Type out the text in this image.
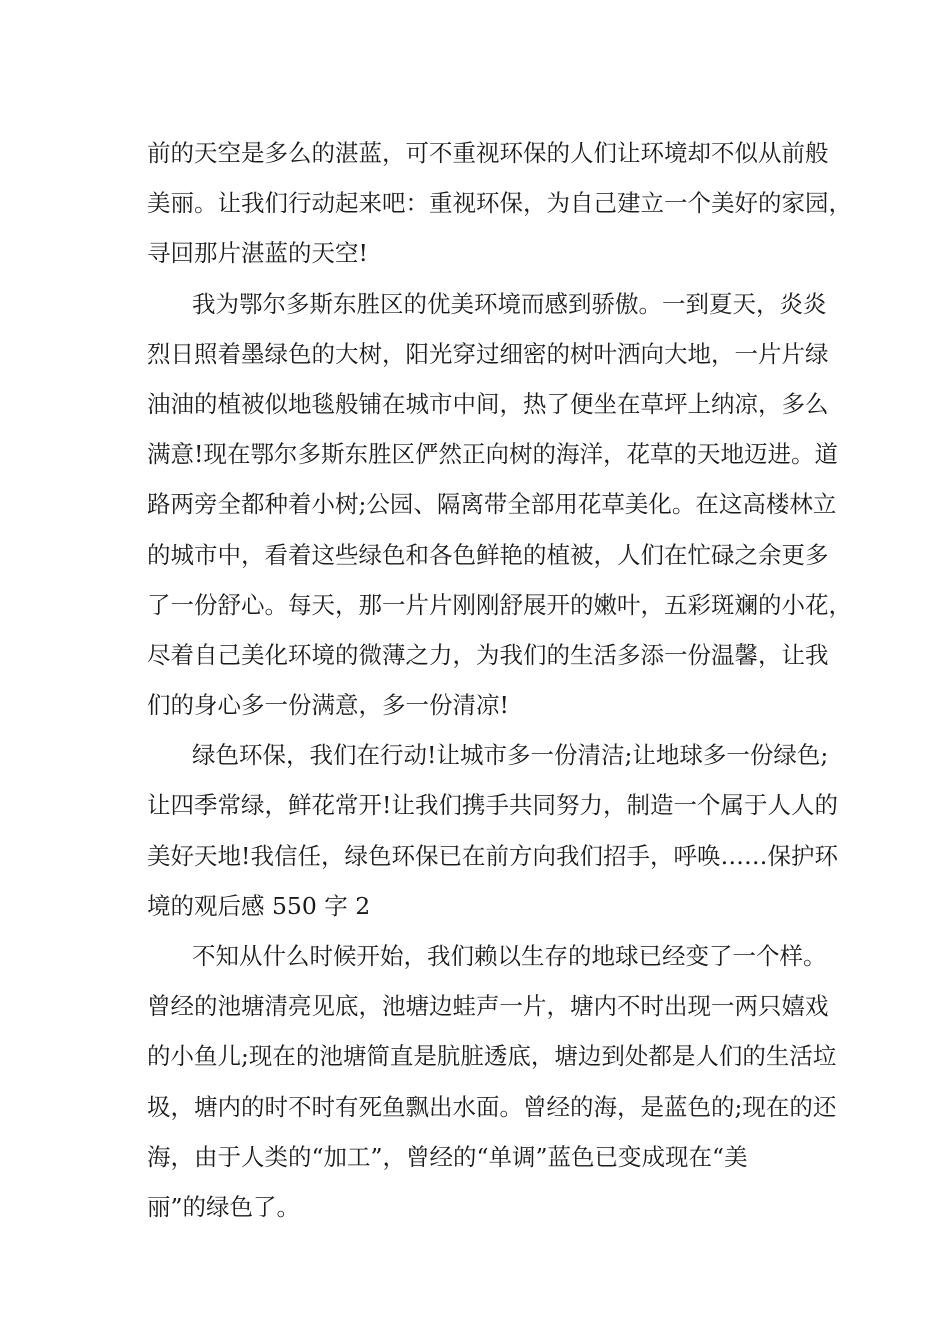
前的天空是多么的湛蓝，可不重视环保的人们让环境却不似从前般
美丽。让我们行动起来吧：重视环保，为自己建立一个美好的家园，
寻回那片湛蓝的天空!
我为鄂尔多斯东胜区的优美环境而感到骄傲。一到夏天，炎炎
烈日照着墨绿色的大树，阳光穿过细密的树叶洒向大地，一片片绿
油油的植被似地毯般铺在城市中间，热了便坐在草坪上纳凉，多么
满意!现在鄂尔多斯东胜区俨然正向树的海洋，花草的天地迈进。道
路两旁全都种着小树;公园、隔离带全部用花草美化。在这高楼林立
的城市中，看着这些绿色和各色鲜艳的植被，人们在忙碌之余更多
了一份舒心。每天，那一片片刚刚舒展开的嫩叶，五彩斑斓的小花，
尽着自己美化环境的微薄之力，为我们的生活多添一份温馨，让我
们的身心多一份满意，多一份清凉!
绿色环保，我们在行动!让城市多一份清洁;让地球多一份绿色;
让四季常绿，鲜花常开!让我们携手共同努力，制造一个属于人人的
美好天地!我信任，绿色环保已在前方向我们招手，呼唤……保护环
境的观后感 550 字 2
不知从什么时候开始，我们赖以生存的地球已经变了一个样。
曾经的池塘清亮见底，池塘边蛙声一片，塘内不时出现一两只嬉戏
的小鱼儿;现在的池塘简直是肮脏透底，塘边到处都是人们的生活垃
圾，塘内的时不时有死鱼飘出水面。曾经的海，是蓝色的;现在的还
海，由于人类的“加工”，曾经的“单调”蓝色已变成现在“美
丽”的绿色了。
